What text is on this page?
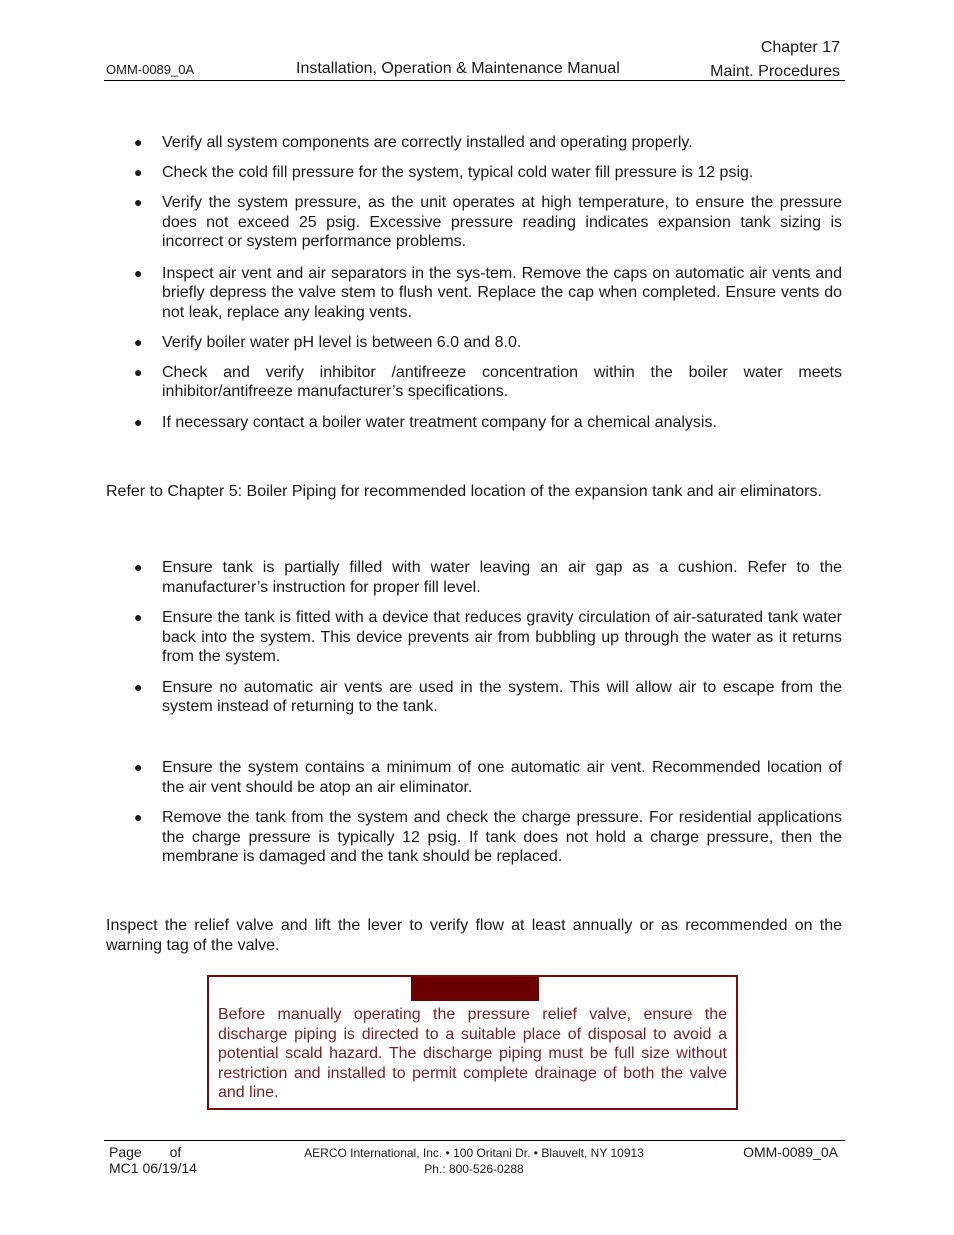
OMM-0089_0A	Installation, Operation & Maintenance Manual
Chapter 17
Maint. Procedures
● Verify all system components are correctly installed and operating properly.
● Check the cold fill pressure for the system, typical cold water fill pressure is 12 psig.
● Verify the system pressure, as the unit operates at high temperature, to ensure the pressure does not exceed 25 psig. Excessive pressure reading indicates expansion tank sizing is incorrect or system performance problems.
● Inspect air vent and air separators in the sys-tem. Remove the caps on automatic air vents and briefly depress the valve stem to flush vent. Replace the cap when completed. Ensure vents do not leak, replace any leaking vents.
● Verify boiler water pH level is between 6.0 and 8.0.
● Check and verify inhibitor /antifreeze concentration within the boiler water meets inhibitor/antifreeze manufacturer’s specifications.
● If necessary contact a boiler water treatment company for a chemical analysis.
Refer to Chapter 5: Boiler Piping for recommended location of the expansion tank and air eliminators.
● Ensure tank is partially filled with water leaving an air gap as a cushion. Refer to the manufacturer’s instruction for proper fill level.
● Ensure the tank is fitted with a device that reduces gravity circulation of air-saturated tank water back into the system. This device prevents air from bubbling up through the water as it returns from the system.
● Ensure no automatic air vents are used in the system. This will allow air to escape from the system instead of returning to the tank.
● Ensure the system contains a minimum of one automatic air vent. Recommended location of the air vent should be atop an air eliminator.
● Remove the tank from the system and check the charge pressure. For residential applications the charge pressure is typically 12 psig. If tank does not hold a charge pressure, then the membrane is damaged and the tank should be replaced.
Inspect the relief valve and lift the lever to verify flow at least annually or as recommended on the warning tag of the valve.
Before manually operating the pressure relief valve, ensure the discharge piping is directed to a suitable place of disposal to avoid a potential scald hazard. The discharge piping must be full size without restriction and installed to permit complete drainage of both the valve and line.
Page of
MC1 06/19/14
AERCO International, Inc. • 100 Oritani Dr. • Blauvelt, NY 10913
Ph.: 800-526-0288
OMM-0089_0A
